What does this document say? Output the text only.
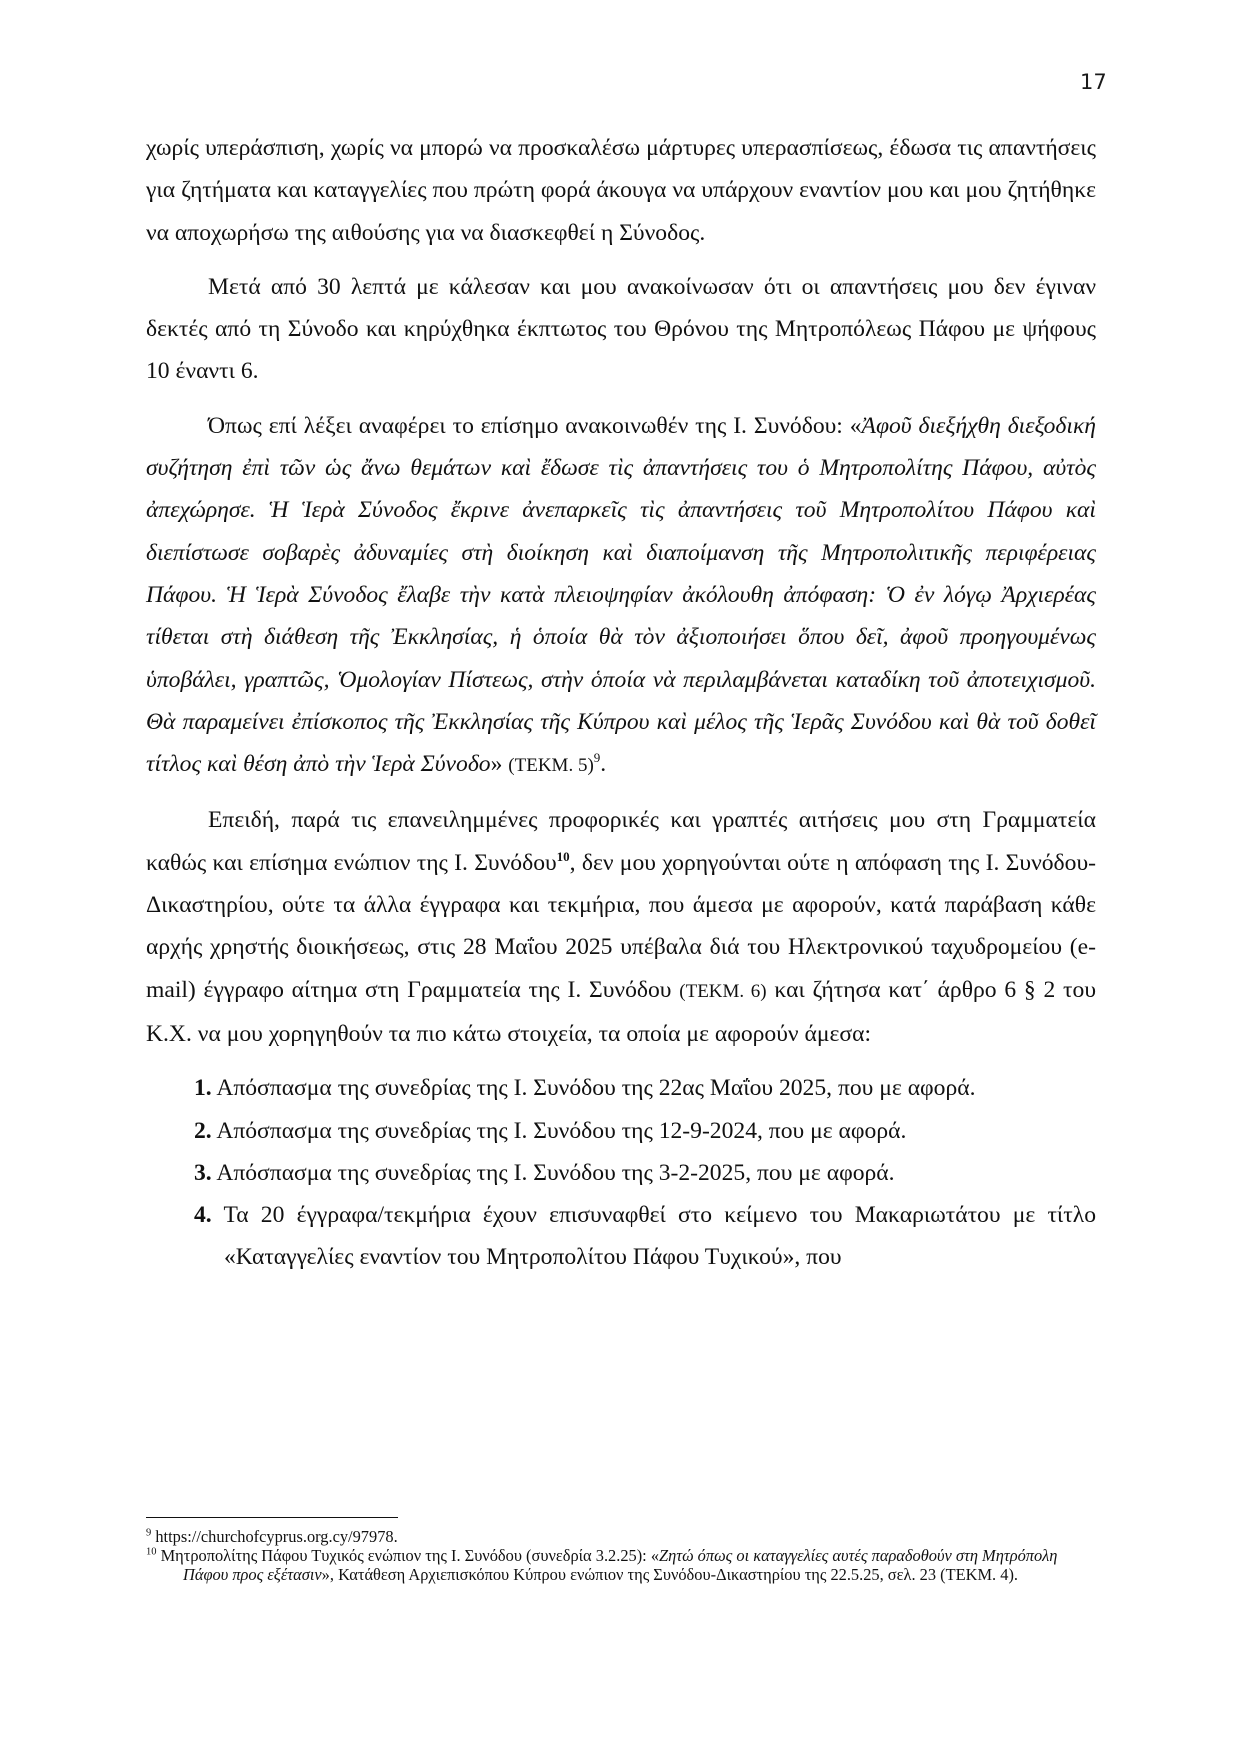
17

χωρίς υπεράσπιση, χωρίς να μπορώ να προσκαλέσω μάρτυρες υπερασπίσεως, έδωσα τις απαντήσεις για ζητήματα και καταγγελίες που πρώτη φορά άκουγα να υπάρχουν εναντίον μου και μου ζητήθηκε να αποχωρήσω της αιθούσης για να διασκεφθεί η Σύνοδος.

Μετά από 30 λεπτά με κάλεσαν και μου ανακοίνωσαν ότι οι απαντήσεις μου δεν έγιναν δεκτές από τη Σύνοδο και κηρύχθηκα έκπτωτος του Θρόνου της Μητροπόλεως Πάφου με ψήφους 10 έναντι 6.

Όπως επί λέξει αναφέρει το επίσημο ανακοινωθέν της Ι. Συνόδου: «Ἀφοῦ διεξήχθη διεξοδική συζήτηση ἐπὶ τῶν ὡς ἄνω θεμάτων καὶ ἔδωσε τὶς ἀπαντήσεις του ὁ Μητροπολίτης Πάφου, αὐτὸς ἀπεχώρησε. Ἡ Ἱερὰ Σύνοδος ἔκρινε ἀνεπαρκεῖς τὶς ἀπαντήσεις τοῦ Μητροπολίτου Πάφου καὶ διεπίστωσε σοβαρὲς ἀδυναμίες στὴ διοίκηση καὶ διαποίμανση τῆς Μητροπολιτικῆς περιφέρειας Πάφου. Ἡ Ἱερὰ Σύνοδος ἔλαβε τὴν κατὰ πλειοψηφίαν ἀκόλουθη ἀπόφαση: Ὁ ἐν λόγῳ Ἀρχιερέας τίθεται στὴ διάθεση τῆς Ἐκκλησίας, ἡ ὁποία θὰ τὸν ἀξιοποιήσει ὅπου δεῖ, ἀφοῦ προηγουμένως ὑποβάλει, γραπτῶς, Ὁμολογίαν Πίστεως, στὴν ὁποία νὰ περιλαμβάνεται καταδίκη τοῦ ἀποτειχισμοῦ. Θὰ παραμείνει ἐπίσκοπος τῆς Ἐκκλησίας τῆς Κύπρου καὶ μέλος τῆς Ἱερᾶς Συνόδου καὶ θὰ τοῦ δοθεῖ τίτλος καὶ θέση ἀπὸ τὴν Ἱερὰ Σύνοδο» (ΤΕΚΜ. 5)$^9$.

Επειδή, παρά τις επανειλημμένες προφορικές και γραπτές αιτήσεις μου στη Γραμματεία καθώς και επίσημα ενώπιον της Ι. Συνόδου$^{10}$, δεν μου χορηγούνται ούτε η απόφαση της Ι. Συνόδου-Δικαστηρίου, ούτε τα άλλα έγγραφα και τεκμήρια, που άμεσα με αφορούν, κατά παράβαση κάθε αρχής χρηστής διοικήσεως, στις 28 Μαΐου 2025 υπέβαλα διά του Ηλεκτρονικού ταχυδρομείου (e-mail) έγγραφο αίτημα στη Γραμματεία της Ι. Συνόδου (ΤΕΚΜ. 6) και ζήτησα κατ΄ άρθρο 6 § 2 του Κ.Χ. να μου χορηγηθούν τα πιο κάτω στοιχεία, τα οποία με αφορούν άμεσα:

1. Απόσπασμα της συνεδρίας της Ι. Συνόδου της 22ας Μαΐου 2025, που με αφορά.
2. Απόσπασμα της συνεδρίας της Ι. Συνόδου της 12-9-2024, που με αφορά.
3. Απόσπασμα της συνεδρίας της Ι. Συνόδου της 3-2-2025, που με αφορά.
4. Τα 20 έγγραφα/τεκμήρια έχουν επισυναφθεί στο κείμενο του Μακαριωτάτου με τίτλο «Καταγγελίες εναντίον του Μητροπολίτου Πάφου Τυχικού», που

$^9$ https://churchofcyprus.org.cy/97978.

$^{10}$ Μητροπολίτης Πάφου Τυχικός ενώπιον της Ι. Συνόδου (συνεδρία 3.2.25): «Ζητώ όπως οι καταγγελίες αυτές παραδοθούν στη Μητρόπολη Πάφου προς εξέτασιν», Κατάθεση Αρχιεπισκόπου Κύπρου ενώπιον της Συνόδου-Δικαστηρίου της 22.5.25, σελ. 23 (ΤΕΚΜ. 4).
